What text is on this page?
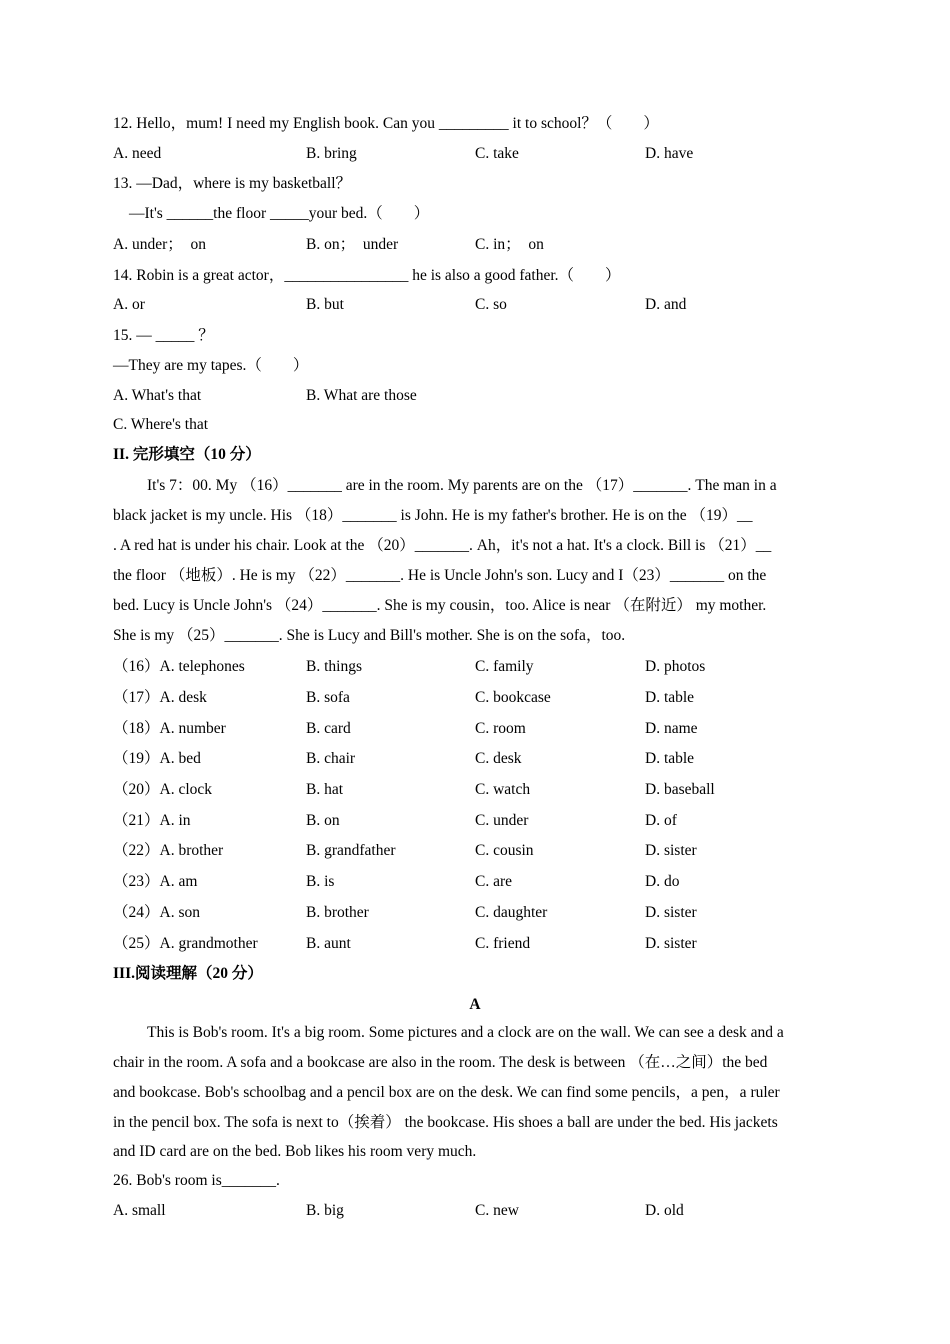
12. Hello，mum! I need my English book. Can you _________ it to school？（　　）
A. need	B. bring	C. take	D. have
13. —Dad，where is my basketball？
—It's ______the floor _____your bed.（　　）
A. under；　on	B. on；　under	C. in；　on
14. Robin is a great actor，________________ he is also a good father.（　　）
A. or	B. but	C. so	D. and
15. — _____ ？
—They are my tapes.（　　）
A. What's that	B. What are those
C. Where's that
II. 完形填空（10 分）
It's 7：00. My （16）_______ are in the room. My parents are on the （17）_______. The man in a
black jacket is my uncle. His （18）_______ is John. He is my father's brother. He is on the （19）__
. A red hat is under his chair. Look at the （20）_______. Ah，it's not a hat. It's a clock. Bill is （21）__
the floor （地板）. He is my （22）_______. He is Uncle John's son. Lucy and I（23）_______ on the
bed. Lucy is Uncle John's （24）_______. She is my cousin，too. Alice is near （在附近） my mother.
She is my （25）_______. She is Lucy and Bill's mother. She is on the sofa，too.
（16）A. telephones	B. things	C. family	D. photos
（17）A. desk	B. sofa	C. bookcase	D. table
（18）A. number	B. card	C. room	D. name
（19）A. bed	B. chair	C. desk	D. table
（20）A. clock	B. hat	C. watch	D. baseball
（21）A. in	B. on	C. under	D. of
（22）A. brother	B. grandfather	C. cousin	D. sister
（23）A. am	B. is	C. are	D. do
（24）A. son	B. brother	C. daughter	D. sister
（25）A. grandmother	B. aunt	C. friend	D. sister
III.阅读理解（20 分）
A
This is Bob's room. It's a big room. Some pictures and a clock are on the wall. We can see a desk and a
chair in the room. A sofa and a bookcase are also in the room. The desk is between （在…之间）the bed
and bookcase. Bob's schoolbag and a pencil box are on the desk. We can find some pencils，a pen，a ruler
in the pencil box. The sofa is next to（挨着） the bookcase. His shoes a ball are under the bed. His jackets
and ID card are on the bed. Bob likes his room very much.
26. Bob's room is_______.
A. small	B. big	C. new	D. old
